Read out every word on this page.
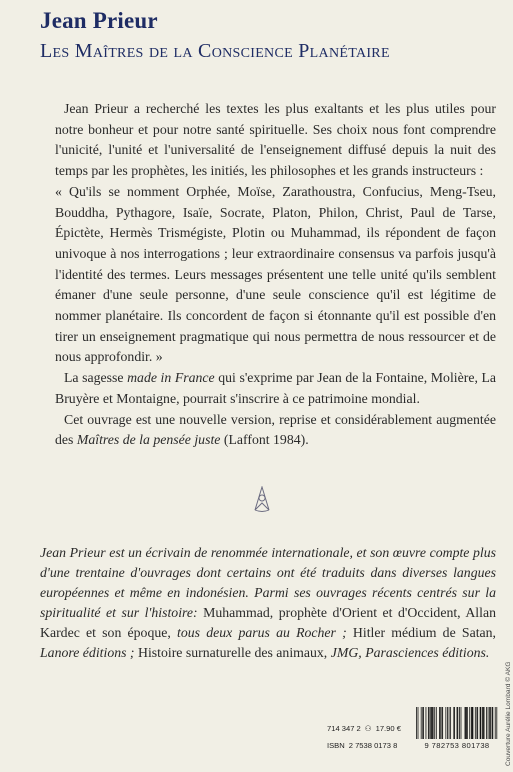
Jean Prieur
Les Maîtres de la Conscience Planétaire

Jean Prieur a recherché les textes les plus exaltants et les plus utiles pour notre bonheur et pour notre santé spirituelle. Ses choix nous font comprendre l'unicité, l'unité et l'universalité de l'enseignement diffusé depuis la nuit des temps par les prophètes, les initiés, les philosophes et les grands instructeurs :

« Qu'ils se nomment Orphée, Moïse, Zarathoustra, Confucius, Meng-Tseu, Bouddha, Pythagore, Isaïe, Socrate, Platon, Philon, Christ, Paul de Tarse, Épictète, Hermès Trismégiste, Plotin ou Muhammad, ils répondent de façon univoque à nos interrogations ; leur extraordinaire consensus va parfois jusqu'à l'identité des termes. Leurs messages présentent une telle unité qu'ils semblent émaner d'une seule personne, d'une seule conscience qu'il est légitime de nommer planétaire. Ils concordent de façon si étonnante qu'il est possible d'en tirer un enseignement pragmatique qui nous permettra de nous ressourcer et de nous approfondir. »

La sagesse made in France qui s'exprime par Jean de la Fontaine, Molière, La Bruyère et Montaigne, pourrait s'inscrire à ce patrimoine mondial.

Cet ouvrage est une nouvelle version, reprise et considérablement augmentée des Maîtres de la pensée juste (Laffont 1984).

Jean Prieur est un écrivain de renommée internationale, et son œuvre compte plus d'une trentaine d'ouvrages dont certains ont été traduits dans diverses langues européennes et même en indonésien. Parmi ses ouvrages récents centrés sur la spiritualité et sur l'histoire: Muhammad, prophète d'Orient et d'Occident, Allan Kardec et son époque, tous deux parus au Rocher ; Hitler médium de Satan, Lanore éditions ; Histoire surnaturelle des animaux, JMG, Parasciences éditions.
Couverture Aurélie Lombard © AKG
714 347 2 ⚇ 17.90 €
ISBN 2 7538 0173 8	9 782753 801738
